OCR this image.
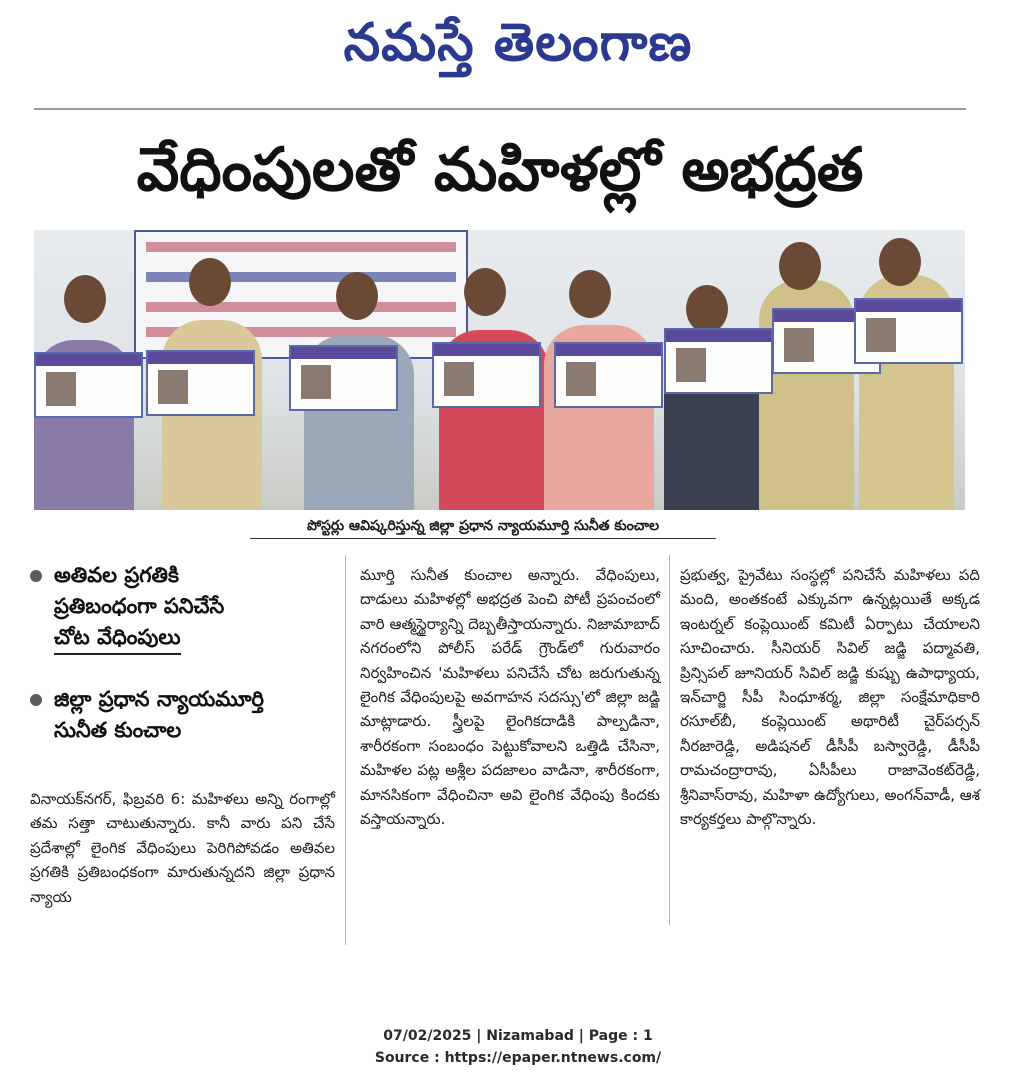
నమస్తే తెలంగాణ
వేధింపులతో మహిళల్లో అభద్రత
పోస్టర్లు ఆవిష్కరిస్తున్న జిల్లా ప్రధాన న్యాయమూర్తి సునీత కుంచాల
అతివల ప్రగతికి
ప్రతిబంధంగా పనిచేసే
చోట వేధింపులు
జిల్లా ప్రధాన న్యాయమూర్తి
సునీత కుంచాల
వినాయక్‌నగర్, ఫిబ్రవరి 6: మహిళలు అన్ని రంగాల్లో తమ సత్తా చాటుతున్నారు. కానీ వారు పని చేసే ప్రదేశాల్లో లైంగిక వేధింపులు పెరిగిపోవడం అతివల ప్రగతికి ప్రతిబంధకంగా మారుతున్నదని జిల్లా ప్రధాన న్యాయ
మూర్తి సునీత కుంచాల అన్నారు. వేధింపులు, దాడులు మహిళల్లో అభద్రత పెంచి పోటీ ప్రపంచంలో వారి ఆత్మస్థైర్యాన్ని దెబ్బతీస్తాయన్నారు. నిజామాబాద్ నగరంలోని పోలీస్ పరేడ్ గ్రౌండ్‌లో గురువారం నిర్వహించిన 'మహిళలు పనిచేసే చోట జరుగుతున్న లైంగిక వేధింపులపై అవగాహన సదస్సు'లో జిల్లా జడ్జి మాట్లాడారు. స్త్రీలపై లైంగికదాడికి పాల్పడినా, శారీరకంగా సంబంధం పెట్టుకోవాలని ఒత్తిడి చేసినా, మహిళల పట్ల అశ్లీల పదజాలం వాడినా, శారీరకంగా, మానసికంగా వేధించినా అవి లైంగిక వేధింపు కిందకు వస్తాయన్నారు.
ప్రభుత్వ, ప్రైవేటు సంస్థల్లో పనిచేసే మహిళలు పది మంది, అంతకంటే ఎక్కువగా ఉన్నట్లయితే అక్కడ ఇంటర్నల్ కంప్లెయింట్ కమిటీ ఏర్పాటు చేయాలని సూచించారు. సీనియర్ సివిల్ జడ్జి పద్మావతి, ప్రిన్సిపల్ జూనియర్ సివిల్ జడ్జి కుష్బు ఉపాధ్యాయ, ఇన్‌చార్జి సీపీ సింధూశర్మ, జిల్లా సంక్షేమాధికారి రసూల్‌బీ, కంప్లెయింట్ అథారిటీ చైర్‌పర్సన్ నీరజారెడ్డి, అడిషనల్ డీసీపీ బస్వారెడ్డి, డీసీపీ రామచంద్రారావు, ఏసీపీలు రాజావెంకట్‌రెడ్డి, శ్రీనివాస్‌రావు, మహిళా ఉద్యోగులు, అంగన్‌వాడీ, ఆశ కార్యకర్తలు పాల్గొన్నారు.
07/02/2025 | Nizamabad | Page : 1
Source : https://epaper.ntnews.com/
